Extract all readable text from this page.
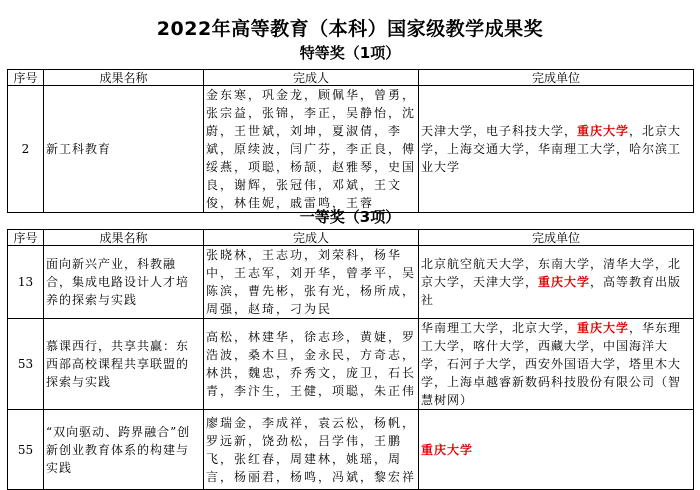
2022年高等教育（本科）国家级教学成果奖
特等奖（1项）
序号	成果名称	完成人	完成单位
2	新工科教育	金东寒，巩金龙，顾佩华，曾勇，张宗益，张锦，李正，吴静怡，沈蔚，王世斌，刘坤，夏淑倩，李斌，原续波，闫广芬，李正良，傅绥燕，项聪，杨颉，赵雅琴，史国良，谢辉，张冠伟，邓斌，王文俊，林佳妮，戚雷鸣，王蓉	天津大学，电子科技大学，重庆大学，北京大学，上海交通大学，华南理工大学，哈尔滨工业大学
一等奖（3项）
序号	成果名称	完成人	完成单位
13	面向新兴产业，科教融合，集成电路设计人才培养的探索与实践	张晓林，王志功，刘荣科，杨华中，王志军，刘开华，曾孝平，吴陈滨，曹先彬，张有光，杨所成，周强，赵琦，刁为民	北京航空航天大学，东南大学，清华大学，北京大学，天津大学，重庆大学，高等教育出版社
53	慕课西行，共享共赢：东西部高校课程共享联盟的探索与实践	高松，林建华，徐志珍，黄婕，罗浩波，桑木旦，金永民，方奇志，林洪，魏忠，乔秀文，庞卫，石长青，李汴生，王健，项聪，朱正伟	华南理工大学，北京大学，重庆大学，华东理工大学，喀什大学，西藏大学，中国海洋大学，石河子大学，西安外国语大学，塔里木大学，上海卓越睿新数码科技股份有限公司（智慧树网）
55	“双向驱动、跨界融合”创新创业教育体系的构建与实践	廖瑞金，李成祥，袁云松，杨帆，罗远新，饶劲松，吕学伟，王鹏飞，张红春，周建林，姚瑶，周言，杨丽君，杨鸣，冯斌，黎宏祥	重庆大学
